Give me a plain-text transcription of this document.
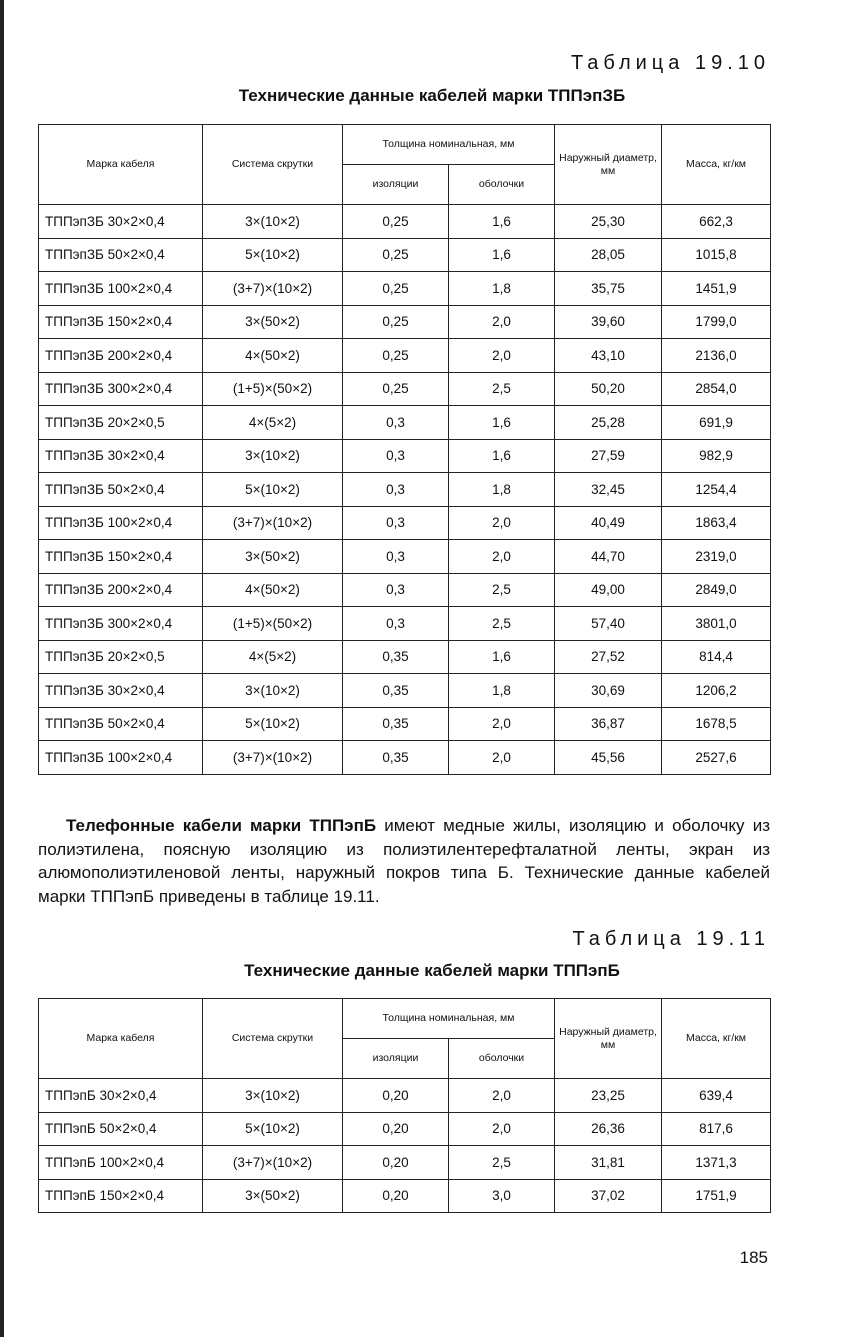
Таблица 19.10
Технические данные кабелей марки ТППэпЗБ
Марка кабеля	Система скрутки	Толщина номинальная, мм		Наружный диаметр, мм	Масса, кг/км
		изоляции	оболочки		
ТППэпЗБ 30×2×0,4	3×(10×2)	0,25	1,6	25,30	662,3
ТППэпЗБ 50×2×0,4	5×(10×2)	0,25	1,6	28,05	1015,8
ТППэпЗБ 100×2×0,4	(3+7)×(10×2)	0,25	1,8	35,75	1451,9
ТППэпЗБ 150×2×0,4	3×(50×2)	0,25	2,0	39,60	1799,0
ТППэпЗБ 200×2×0,4	4×(50×2)	0,25	2,0	43,10	2136,0
ТППэпЗБ 300×2×0,4	(1+5)×(50×2)	0,25	2,5	50,20	2854,0
ТППэпЗБ 20×2×0,5	4×(5×2)	0,3	1,6	25,28	691,9
ТППэпЗБ 30×2×0,4	3×(10×2)	0,3	1,6	27,59	982,9
ТППэпЗБ 50×2×0,4	5×(10×2)	0,3	1,8	32,45	1254,4
ТППэпЗБ 100×2×0,4	(3+7)×(10×2)	0,3	2,0	40,49	1863,4
ТППэпЗБ 150×2×0,4	3×(50×2)	0,3	2,0	44,70	2319,0
ТППэпЗБ 200×2×0,4	4×(50×2)	0,3	2,5	49,00	2849,0
ТППэпЗБ 300×2×0,4	(1+5)×(50×2)	0,3	2,5	57,40	3801,0
ТППэпЗБ 20×2×0,5	4×(5×2)	0,35	1,6	27,52	814,4
ТППэпЗБ 30×2×0,4	3×(10×2)	0,35	1,8	30,69	1206,2
ТППэпЗБ 50×2×0,4	5×(10×2)	0,35	2,0	36,87	1678,5
ТППэпЗБ 100×2×0,4	(3+7)×(10×2)	0,35	2,0	45,56	2527,6
Телефонные кабели марки ТППэпБ имеют медные жилы, изоляцию и оболочку из полиэтилена, поясную изоляцию из полиэтилентерефталатной ленты, экран из алюмополиэтиленовой ленты, наружный покров типа Б. Технические данные кабелей марки ТППэпБ приведены в таблице 19.11.
Таблица 19.11
Технические данные кабелей марки ТППэпБ
Марка кабеля	Система скрутки	Толщина номинальная, мм		Наружный диаметр, мм	Масса, кг/км
		изоляции	оболочки		
ТППэпБ 30×2×0,4	3×(10×2)	0,20	2,0	23,25	639,4
ТППэпБ 50×2×0,4	5×(10×2)	0,20	2,0	26,36	817,6
ТППэпБ 100×2×0,4	(3+7)×(10×2)	0,20	2,5	31,81	1371,3
ТППэпБ 150×2×0,4	3×(50×2)	0,20	3,0	37,02	1751,9
185
